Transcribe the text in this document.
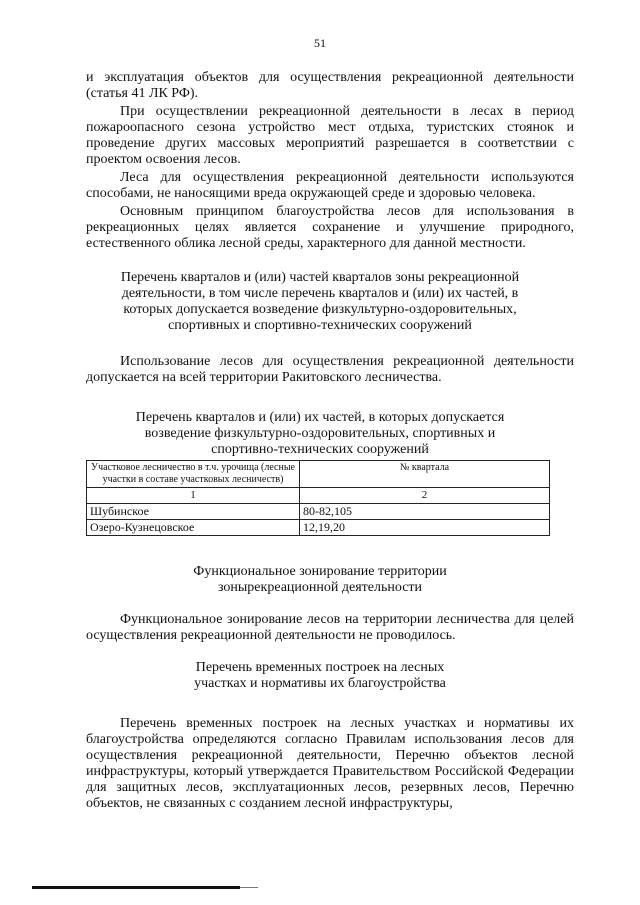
51
и эксплуатация объектов для осуществления рекреационной деятельности (статья 41 ЛК РФ).
При осуществлении рекреационной деятельности в лесах в период пожароопасного сезона устройство мест отдыха, туристских стоянок и проведение других массовых мероприятий разрешается в соответствии с проектом освоения лесов.
Леса для осуществления рекреационной деятельности используются способами, не наносящими вреда окружающей среде и здоровью человека.
Основным принципом благоустройства лесов для использования в рекреационных целях является сохранение и улучшение природного, естественного облика лесной среды, характерного для данной местности.
Перечень кварталов и (или) частей кварталов зоны рекреационной деятельности, в том числе перечень кварталов и (или) их частей, в которых допускается возведение физкультурно-оздоровительных, спортивных и спортивно-технических сооружений
Использование лесов для осуществления рекреационной деятельности допускается на всей территории Ракитовского лесничества.
Перечень кварталов и (или) их частей, в которых допускается возведение физкультурно-оздоровительных, спортивных и спортивно-технических сооружений
Участковое лесничество в т.ч. урочища (лесные участки в составе участковых лесничеств)	№ квартала
1	2
Шубинское	80-82,105
Озеро-Кузнецовское	12,19,20
Функциональное зонирование территории зонырекреационной деятельности
Функциональное зонирование лесов на территории лесничества для целей осуществления рекреационной деятельности не проводилось.
Перечень временных построек на лесных участках и нормативы их благоустройства
Перечень временных построек на лесных участках и нормативы их благоустройства определяются согласно Правилам использования лесов для осуществления рекреационной деятельности, Перечню объектов лесной инфраструктуры, который утверждается Правительством Российской Федерации для защитных лесов, эксплуатационных лесов, резервных лесов, Перечню объектов, не связанных с созданием лесной инфраструктуры,
